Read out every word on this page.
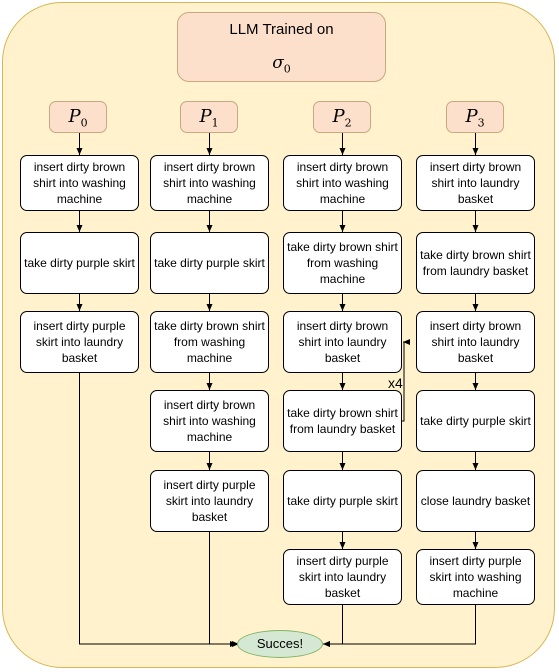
LLM Trained on
$\sigma_0$
$P_0$
insert dirty brown shirt into washing machine
take dirty purple skirt
insert dirty purple skirt into laundry basket
$P_1$
insert dirty brown shirt into washing machine
take dirty purple skirt
take dirty brown shirt from washing machine
insert dirty brown shirt into washing machine
insert dirty purple skirt into laundry basket
$P_2$
insert dirty brown shirt into washing machine
take dirty brown shirt from washing machine
insert dirty brown shirt into laundry basket
take dirty brown shirt from laundry basket
take dirty purple skirt
insert dirty purple skirt into laundry basket
$P_3$
insert dirty brown shirt into laundry basket
take dirty brown shirt from laundry basket
insert dirty brown shirt into laundry basket
take dirty purple skirt
close laundry basket
insert dirty purple skirt into washing machine
x4
Succes!
